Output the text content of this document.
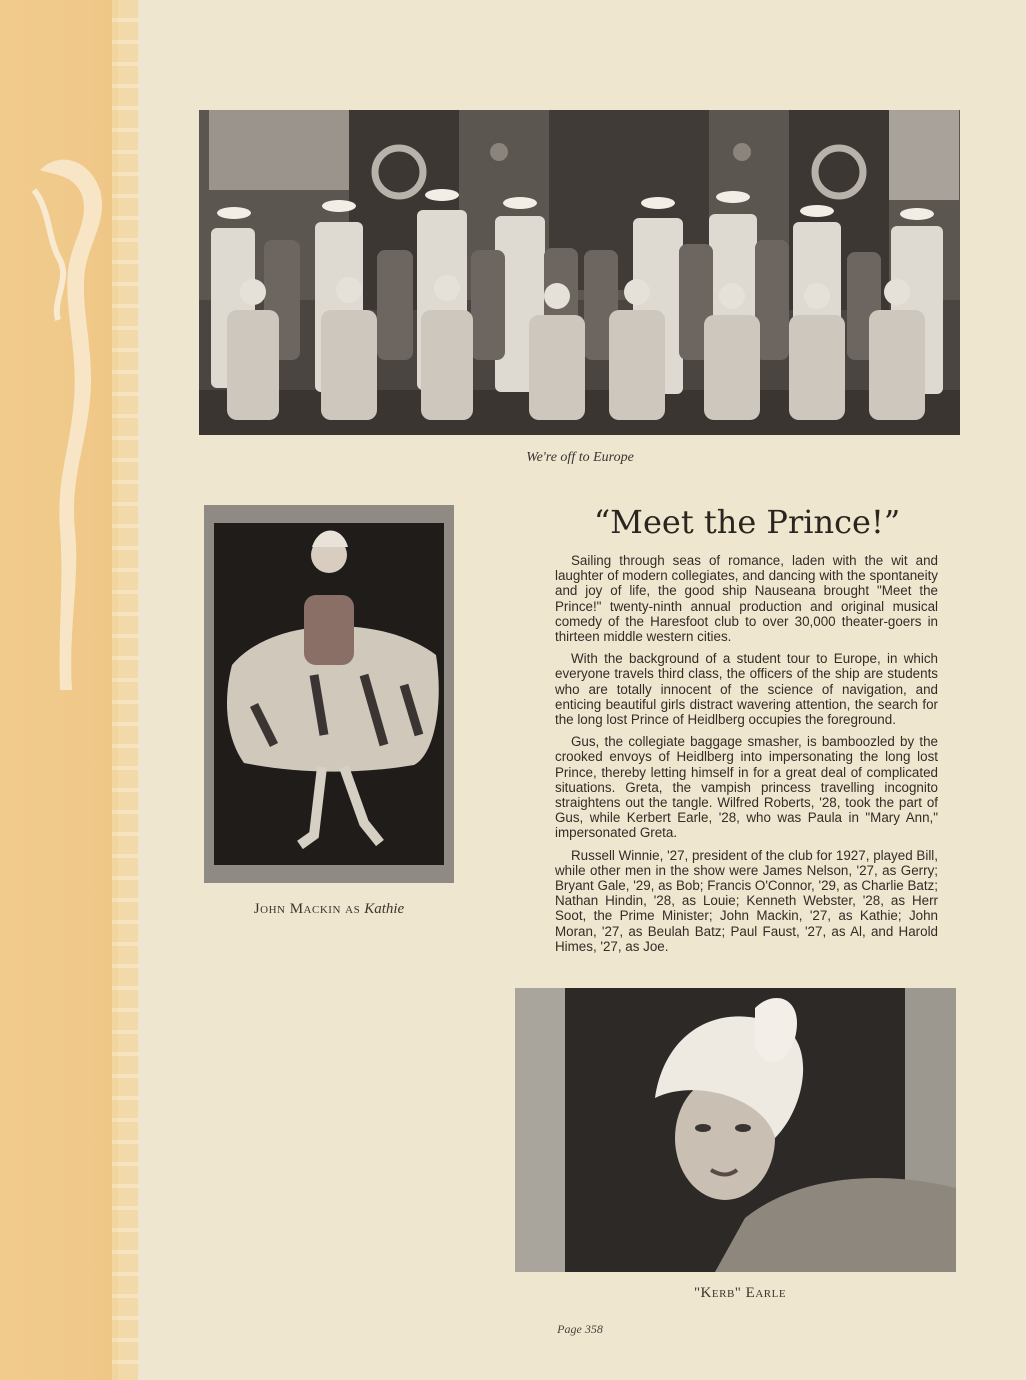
We're off to Europe
John Mackin as Kathie
“Meet the Prince!”

Sailing through seas of romance, laden with the wit and laughter of modern collegiates, and dancing with the spontaneity and joy of life, the good ship Nauseana brought "Meet the Prince!" twenty-ninth annual production and original musical comedy of the Haresfoot club to over 30,000 theater-goers in thirteen middle western cities.

With the background of a student tour to Europe, in which everyone travels third class, the officers of the ship are students who are totally innocent of the science of navigation, and enticing beautiful girls distract wavering attention, the search for the long lost Prince of Heidlberg occupies the foreground.

Gus, the collegiate baggage smasher, is bamboozled by the crooked envoys of Heidlberg into impersonating the long lost Prince, thereby letting himself in for a great deal of complicated situations. Greta, the vampish princess travelling incognito straightens out the tangle. Wilfred Roberts, '28, took the part of Gus, while Kerbert Earle, '28, who was Paula in "Mary Ann," impersonated Greta.

Russell Winnie, '27, president of the club for 1927, played Bill, while other men in the show were James Nelson, '27, as Gerry; Bryant Gale, '29, as Bob; Francis O'Connor, '29, as Charlie Batz; Nathan Hindin, '28, as Louie; Kenneth Webster, '28, as Herr Soot, the Prime Minister; John Mackin, '27, as Kathie; John Moran, '27, as Beulah Batz; Paul Faust, '27, as Al, and Harold Himes, '27, as Joe.

"Kerb" Earle
Page 358
